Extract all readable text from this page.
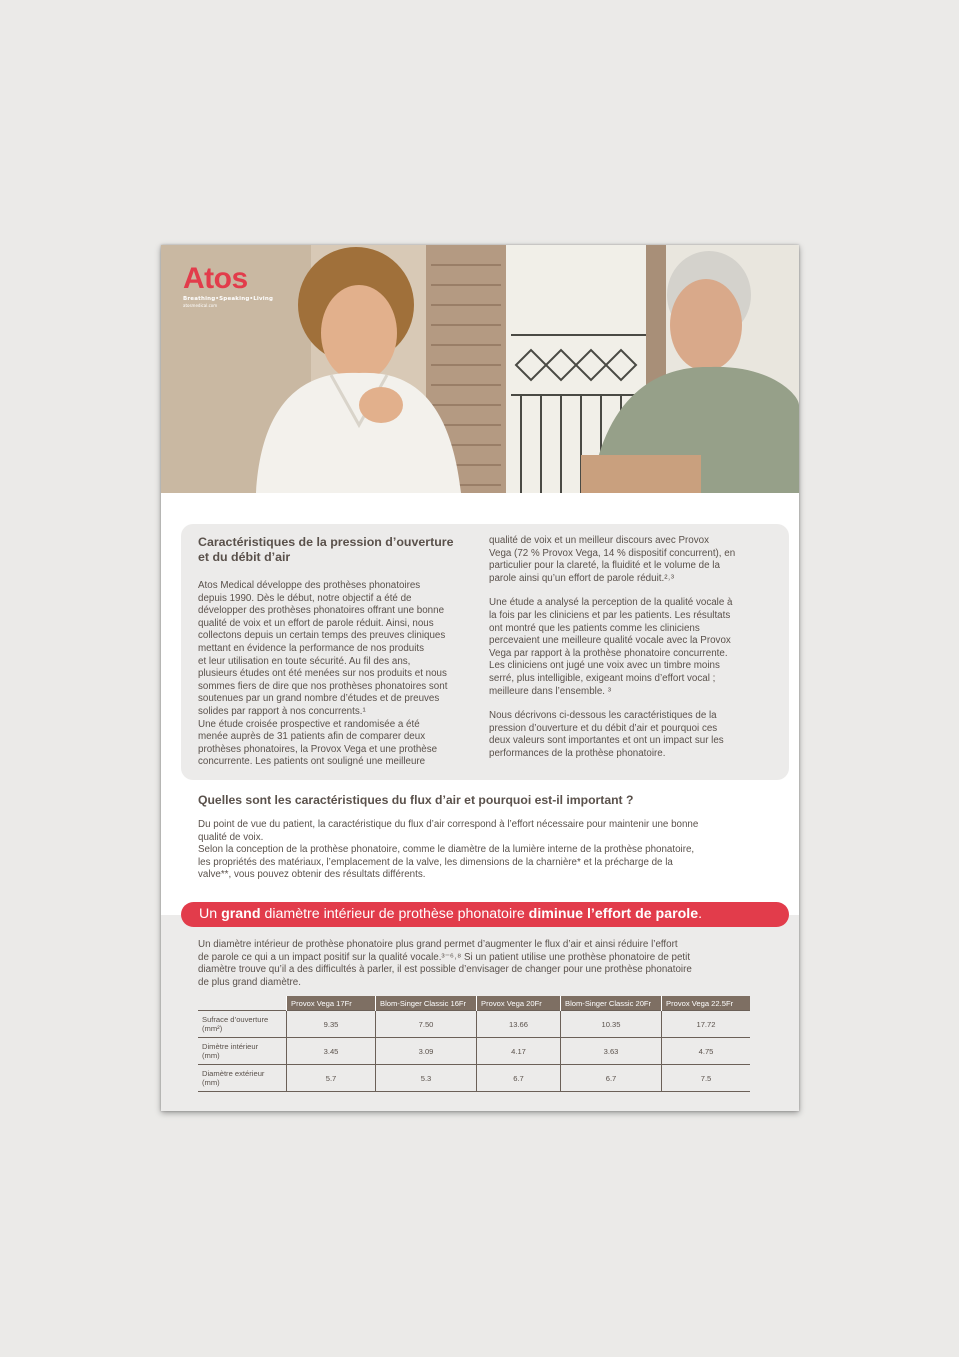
Atos
Breathing•Speaking•Living
atosmedical.com
Caractéristiques de la pression d’ouverture
et du débit d’air
Atos Medical développe des prothèses phonatoires
depuis 1990. Dès le début, notre objectif a été de
développer des prothèses phonatoires offrant une bonne
qualité de voix et un effort de parole réduit. Ainsi, nous
collectons depuis un certain temps des preuves cliniques
mettant en évidence la performance de nos produits
et leur utilisation en toute sécurité. Au fil des ans,
plusieurs études ont été menées sur nos produits et nous
sommes fiers de dire que nos prothèses phonatoires sont
soutenues par un grand nombre d’études et de preuves
solides par rapport à nos concurrents.¹
Une étude croisée prospective et randomisée a été
menée auprès de 31 patients afin de comparer deux
prothèses phonatoires, la Provox Vega et une prothèse
concurrente. Les patients ont souligné une meilleure
qualité de voix et un meilleur discours avec Provox
Vega (72 % Provox Vega, 14 % dispositif concurrent), en
particulier pour la clareté, la fluidité et le volume de la
parole ainsi qu’un effort de parole réduit.²˒³
Une étude a analysé la perception de la qualité vocale à
la fois par les cliniciens et par les patients. Les résultats
ont montré que les patients comme les cliniciens
percevaient une meilleure qualité vocale avec la Provox
Vega par rapport à la prothèse phonatoire concurrente.
Les cliniciens ont jugé une voix avec un timbre moins
serré, plus intelligible, exigeant moins d’effort vocal ;
meilleure dans l’ensemble. ³
Nous décrivons ci-dessous les caractéristiques de la
pression d’ouverture et du débit d’air et pourquoi ces
deux valeurs sont importantes et ont un impact sur les
performances de la prothèse phonatoire.
Quelles sont les caractéristiques du flux d’air et pourquoi est-il important ?
Du point de vue du patient, la caractéristique du flux d’air correspond à l’effort nécessaire pour maintenir une bonne
qualité de voix.
Selon la conception de la prothèse phonatoire, comme le diamètre de la lumière interne de la prothèse phonatoire,
les propriétés des matériaux, l’emplacement de la valve, les dimensions de la charnière* et la précharge de la
valve**, vous pouvez obtenir des résultats différents.
Un grand diamètre intérieur de prothèse phonatoire diminue l’effort de parole.
Un diamètre intérieur de prothèse phonatoire plus grand permet d’augmenter le flux d’air et ainsi réduire l’effort
de parole ce qui a un impact positif sur la qualité vocale.³⁻⁶˒⁸ Si un patient utilise une prothèse phonatoire de petit
diamètre trouve qu’il a des difficultés à parler, il est possible d’envisager de changer pour une prothèse phonatoire
de plus grand diamètre.
	Provox Vega 17Fr	Blom-Singer Classic 16Fr	Provox Vega 20Fr	Blom-Singer Classic 20Fr	Provox Vega 22.5Fr
Sufrace d’ouverture
(mm²)	9.35	7.50	13.66	10.35	17.72
Dimètre intérieur
(mm)	3.45	3.09	4.17	3.63	4.75
Diamètre extérieur
(mm)	5.7	5.3	6.7	6.7	7.5
